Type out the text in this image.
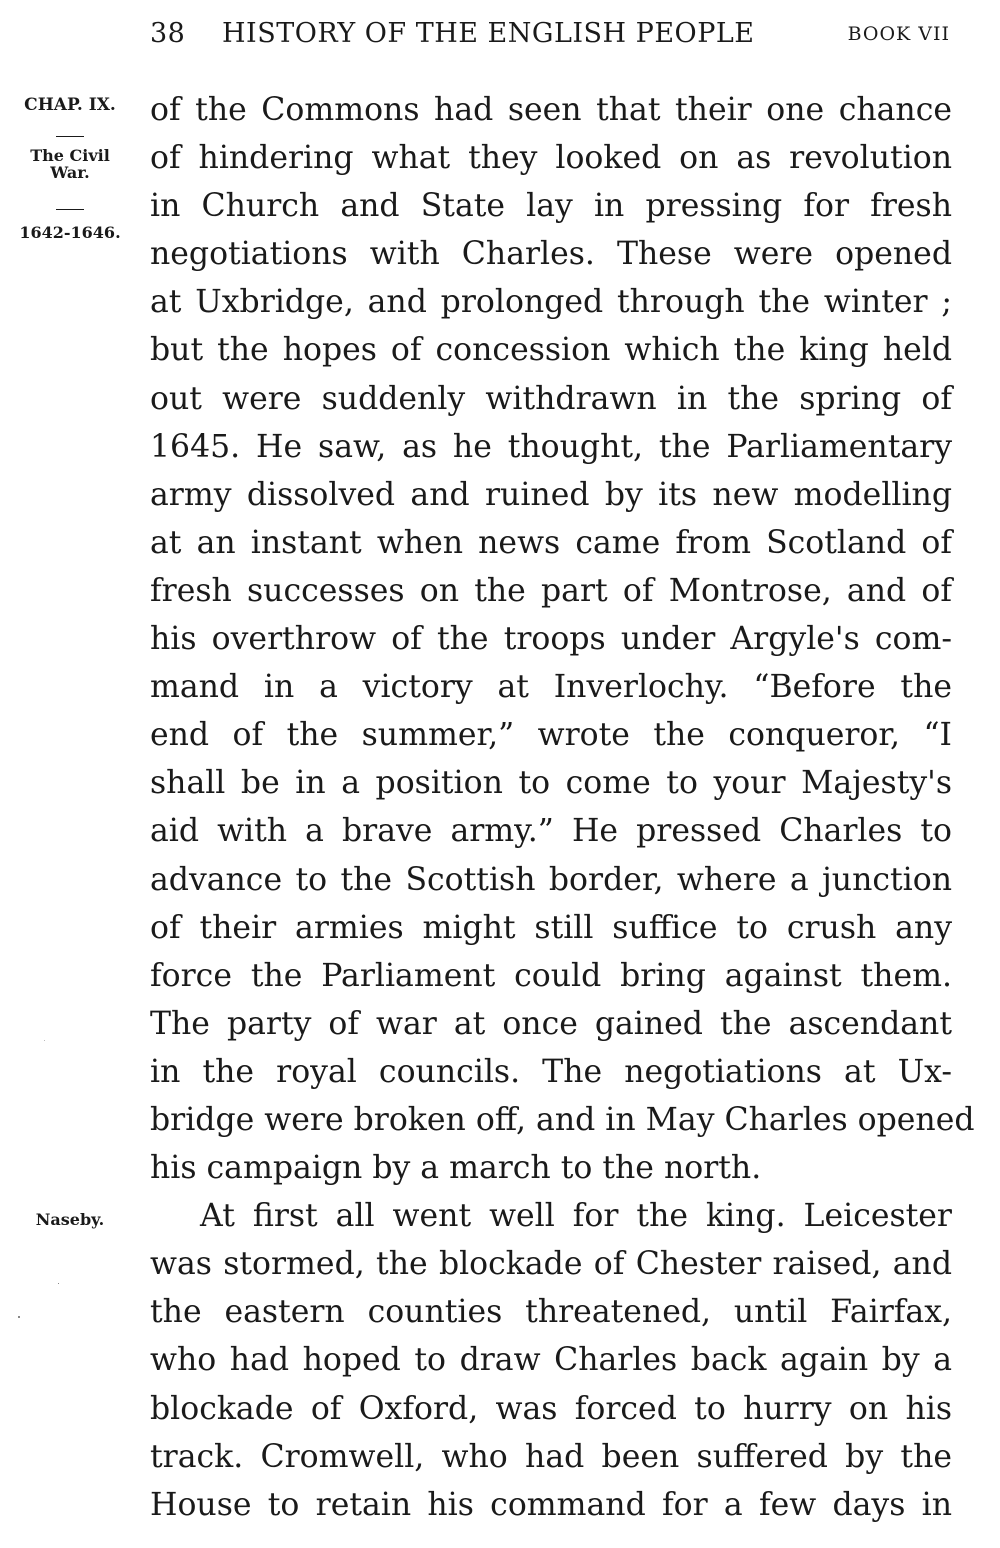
38 HISTORY OF THE ENGLISH PEOPLE	BOOK VII
CHAP. IX.
The Civil War.
1642-1646.
Naseby.
of the Commons had seen that their one chance
of hindering what they looked on as revolution
in Church and State lay in pressing for fresh
negotiations with Charles. These were opened
at Uxbridge, and prolonged through the winter ;
but the hopes of concession which the king held
out were suddenly withdrawn in the spring of
1645. He saw, as he thought, the Parliamentary
army dissolved and ruined by its new modelling
at an instant when news came from Scotland of
fresh successes on the part of Montrose, and of
his overthrow of the troops under Argyle's com-
mand in a victory at Inverlochy. “Before the
end of the summer,” wrote the conqueror, “I
shall be in a position to come to your Majesty's
aid with a brave army.” He pressed Charles to
advance to the Scottish border, where a junction
of their armies might still suffice to crush any
force the Parliament could bring against them.
The party of war at once gained the ascendant
in the royal councils. The negotiations at Ux-
bridge were broken off, and in May Charles opened
his campaign by a march to the north.
At first all went well for the king. Leicester
was stormed, the blockade of Chester raised, and
the eastern counties threatened, until Fairfax,
who had hoped to draw Charles back again by a
blockade of Oxford, was forced to hurry on his
track. Cromwell, who had been suffered by the
House to retain his command for a few days in
